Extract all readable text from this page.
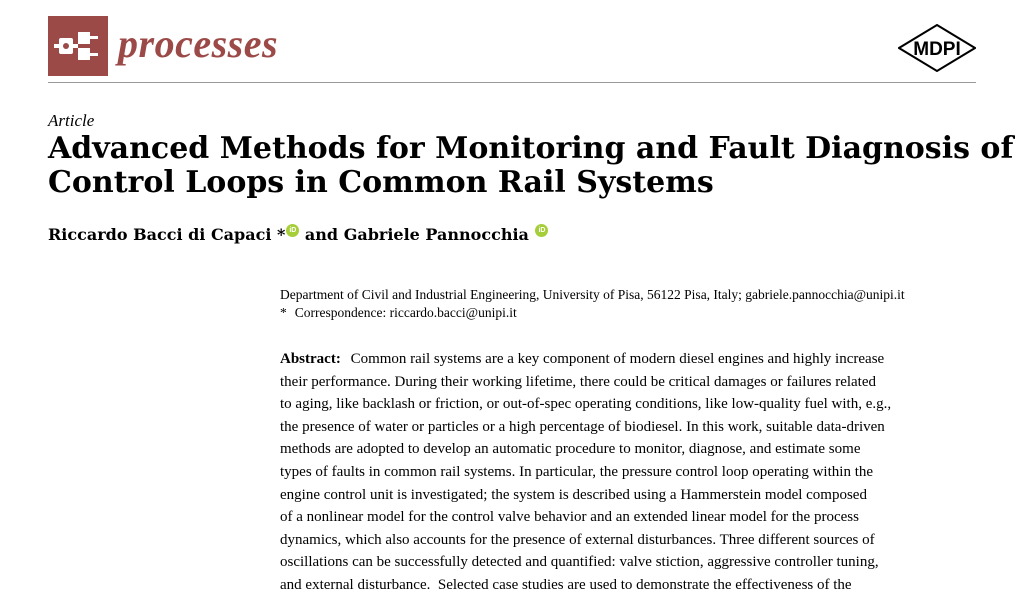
processes	MDPI
Article
Advanced Methods for Monitoring and Fault Diagnosis of
Control Loops in Common Rail Systems
Riccardo Bacci di Capaci *iD and Gabriele Pannocchia iD
Department of Civil and Industrial Engineering, University of Pisa, 56122 Pisa, Italy; gabriele.pannocchia@unipi.it
* Correspondence: riccardo.bacci@unipi.it
Abstract: Common rail systems are a key component of modern diesel engines and highly increase
their performance. During their working lifetime, there could be critical damages or failures related
to aging, like backlash or friction, or out-of-spec operating conditions, like low-quality fuel with, e.g.,
the presence of water or particles or a high percentage of biodiesel. In this work, suitable data-driven
methods are adopted to develop an automatic procedure to monitor, diagnose, and estimate some
types of faults in common rail systems. In particular, the pressure control loop operating within the
engine control unit is investigated; the system is described using a Hammerstein model composed
of a nonlinear model for the control valve behavior and an extended linear model for the process
dynamics, which also accounts for the presence of external disturbances. Three different sources of
oscillations can be successfully detected and quantified: valve stiction, aggressive controller tuning,
and external disturbance.  Selected case studies are used to demonstrate the effectiveness of the
